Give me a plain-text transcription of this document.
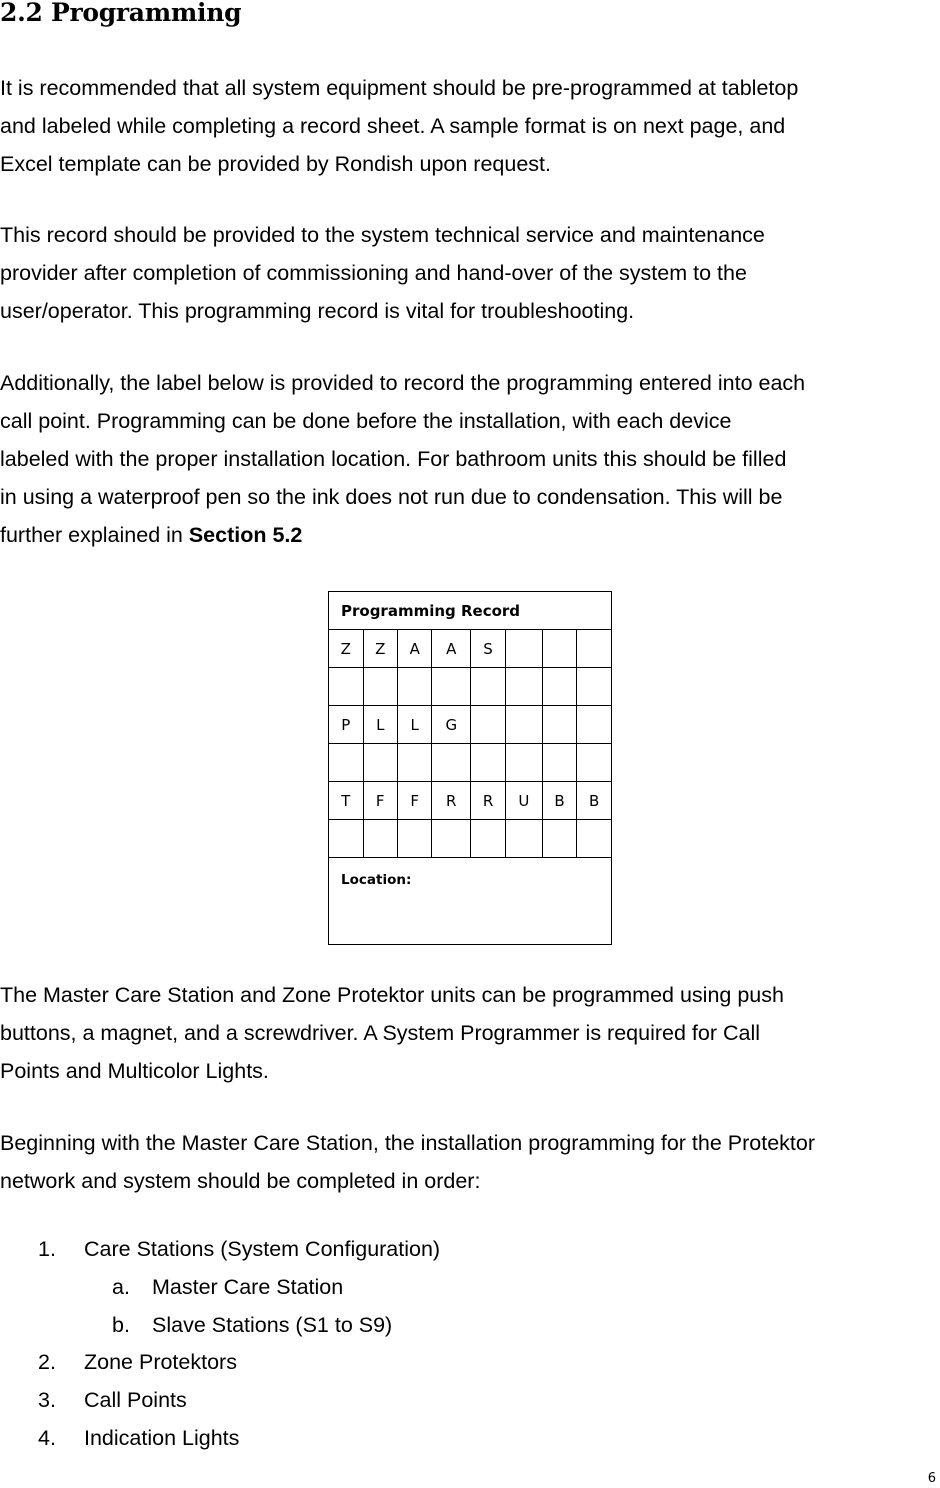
2.2 Programming
It is recommended that all system equipment should be pre-programmed at tabletop
and labeled while completing a record sheet. A sample format is on next page, and
Excel template can be provided by Rondish upon request.
This record should be provided to the system technical service and maintenance
provider after completion of commissioning and hand-over of the system to the
user/operator. This programming record is vital for troubleshooting.
Additionally, the label below is provided to record the programming entered into each
call point. Programming can be done before the installation, with each device
labeled with the proper installation location. For bathroom units this should be filled
in using a waterproof pen so the ink does not run due to condensation. This will be
further explained in Section 5.2
Programming Record							
Z	Z	A	A	S			

P	L	L	G				

T	F	F	R	R	U	B	B

Location:							
The Master Care Station and Zone Protektor units can be programmed using push
buttons, a magnet, and a screwdriver. A System Programmer is required for Call
Points and Multicolor Lights.
Beginning with the Master Care Station, the installation programming for the Protektor
network and system should be completed in order:
1. Care Stations (System Configuration)
a. Master Care Station
b. Slave Stations (S1 to S9)
2. Zone Protektors
3. Call Points
4. Indication Lights
6
